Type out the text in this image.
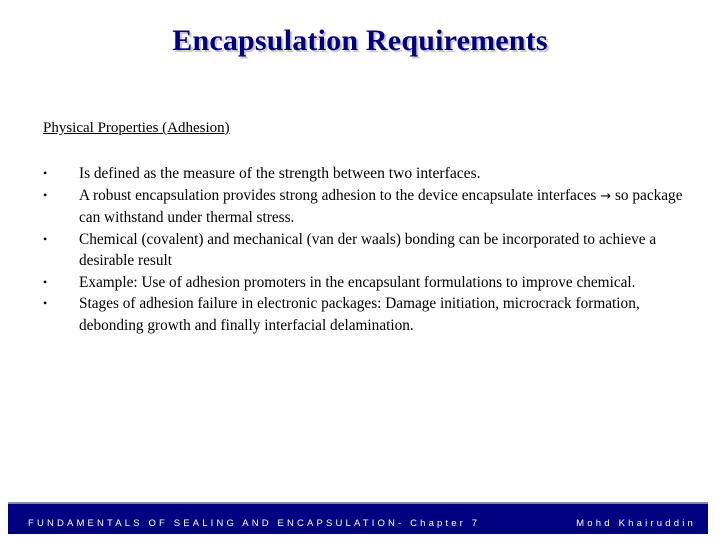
Encapsulation Requirements
Physical Properties (Adhesion)
• Is defined as the measure of the strength between two interfaces.
• A robust encapsulation provides strong adhesion to the device encapsulate interfaces → so package can withstand under thermal stress.
• Chemical (covalent) and mechanical (van der waals) bonding can be incorporated to achieve a desirable result
• Example: Use of adhesion promoters in the encapsulant formulations to improve chemical.
• Stages of adhesion failure in electronic packages: Damage initiation, microcrack formation, debonding growth and finally interfacial delamination.
FUNDAMENTALS OF SEALING AND ENCAPSULATION- Chapter 7	Mohd Khairuddin
